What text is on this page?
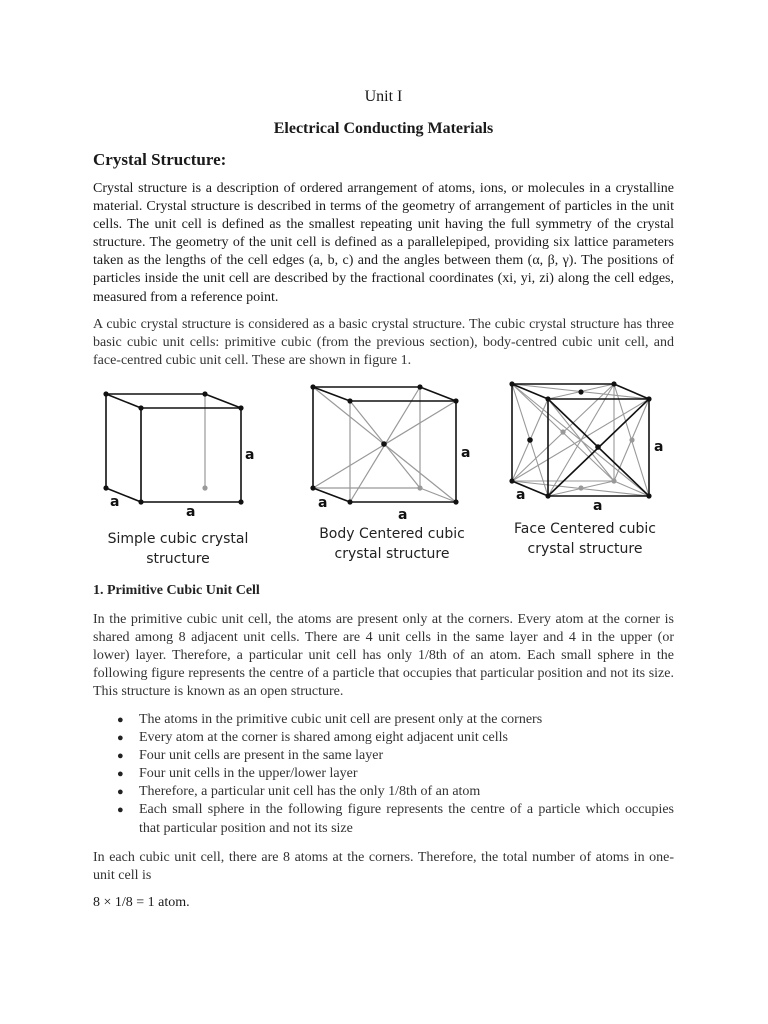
Unit I
Electrical Conducting Materials
Crystal Structure:

Crystal structure is a description of ordered arrangement of atoms, ions, or molecules in a crystalline material. Crystal structure is described in terms of the geometry of arrangement of particles in the unit cells. The unit cell is defined as the smallest repeating unit having the full symmetry of the crystal structure. The geometry of the unit cell is defined as a parallelepiped, providing six lattice parameters taken as the lengths of the cell edges (a, b, c) and the angles between them (α, β, γ). The positions of particles inside the unit cell are described by the fractional coordinates (xi, yi, zi) along the cell edges, measured from a reference point.

A cubic crystal structure is considered as a basic crystal structure. The cubic crystal structure has three basic cubic unit cells: primitive cubic (from the previous section), body-centred cubic unit cell, and face-centred cubic unit cell. These are shown in figure 1.

1. Primitive Cubic Unit Cell

In the primitive cubic unit cell, the atoms are present only at the corners. Every atom at the corner is shared among 8 adjacent unit cells. There are 4 unit cells in the same layer and 4 in the upper (or lower) layer. Therefore, a particular unit cell has only 1/8th of an atom. Each small sphere in the following figure represents the centre of a particle that occupies that particular position and not its size. This structure is known as an open structure.

● The atoms in the primitive cubic unit cell are present only at the corners
● Every atom at the corner is shared among eight adjacent unit cells
● Four unit cells are present in the same layer
● Four unit cells in the upper/lower layer
● Therefore, a particular unit cell has the only 1/8th of an atom
● Each small sphere in the following figure represents the centre of a particle which occupies that particular position and not its size

In each cubic unit cell, there are 8 atoms at the corners. Therefore, the total number of atoms in one-unit cell is

8 × 1/8 = 1 atom.

a
a
a
a
a
a
a
a
a
Simple cubic crystal
structure
Body Centered cubic
crystal structure
Face Centered cubic
crystal structure
